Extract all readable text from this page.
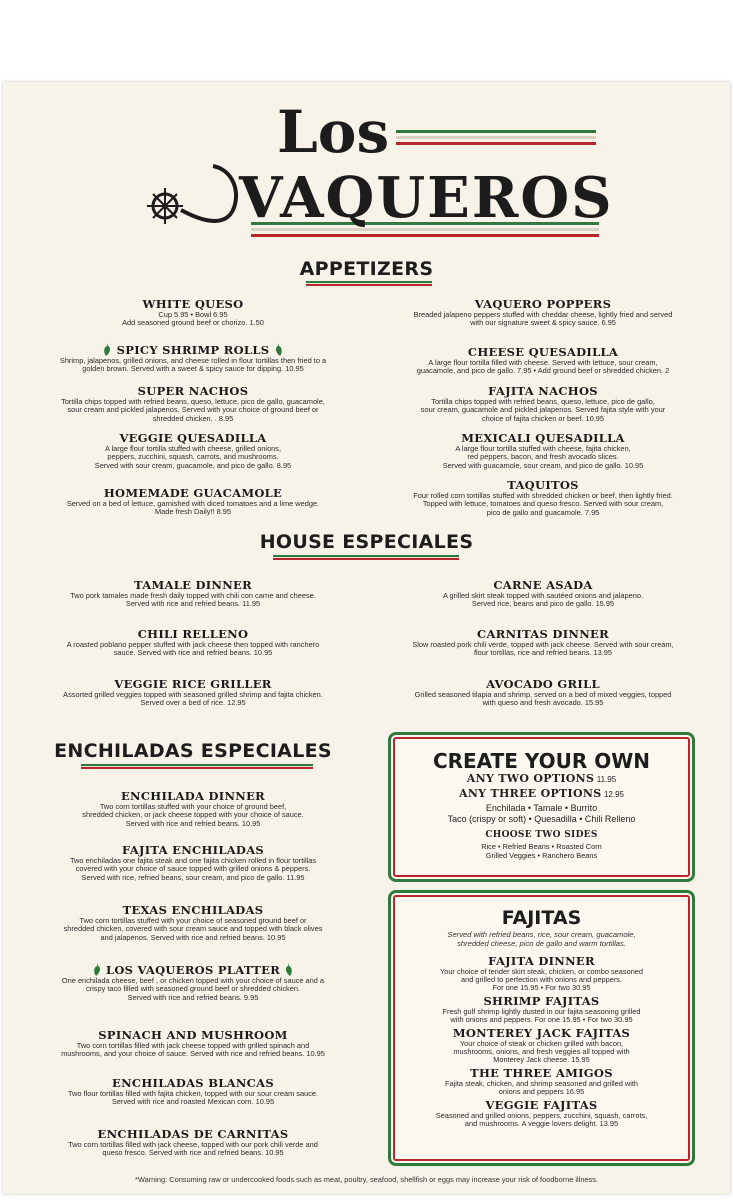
Los
VAQUEROS
APPETIZERS
WHITE QUESO
Cup 5.95 • Bowl 6.95
Add seasoned ground beef or chorizo. 1.50
SPICY SHRIMP ROLLS
Shrimp, jalapenos, grilled onions, and cheese rolled in flour tortillas then fried to a
golden brown. Served with a sweet & spicy sauce for dipping. 10.95
SUPER NACHOS
Tortilla chips topped with refried beans, queso, lettuce, pico de gallo, guacamole,
sour cream and pickled jalapenos. Served with your choice of ground beef or
shredded chicken. . 8.95
VEGGIE QUESADILLA
A large flour tortilla stuffed with cheese, grilled onions,
peppers, zucchini, squash, carrots, and mushrooms.
Served with sour cream, guacamole, and pico de gallo. 8.95
HOMEMADE GUACAMOLE
Served on a bed of lettuce, garnished with diced tomatoes and a lime wedge.
Made fresh Daily!! 8.95
VAQUERO POPPERS
Breaded jalapeno peppers stuffed with cheddar cheese, lightly fried and served
with our signature sweet & spicy sauce. 6.95
CHEESE QUESADILLA
A large flour tortilla filled with cheese. Served with lettuce, sour cream,
guacamole, and pico de gallo. 7.95 • Add ground beef or shredded chicken. 2
FAJITA NACHOS
Tortilla chips topped with refried beans, queso, lettuce, pico de gallo,
sour cream, guacamole and pickled jalapenos. Served fajita style with your
choice of fajita chicken or beef. 10.95
MEXICALI QUESADILLA
A large flour tortilla stuffed with cheese, fajita chicken,
red peppers, bacon, and fresh avocado slices.
Served with guacamole, sour cream, and pico de gallo. 10.95
TAQUITOS
Four rolled corn tortillas stuffed with shredded chicken or beef, then lightly fried.
Topped with lettuce, tomatoes and queso fresco. Served with sour cream,
pico de gallo and guacamole. 7.95
HOUSE ESPECIALES
TAMALE DINNER
Two pork tamales made fresh daily topped with chili con carne and cheese.
Served with rice and refried beans. 11.95
CHILI RELLENO
A roasted poblano pepper stuffed with jack cheese then topped with ranchero
sauce. Served with rice and refried beans. 10.95
VEGGIE RICE GRILLER
Assorted grilled veggies topped with seasoned grilled shrimp and fajita chicken.
Served over a bed of rice. 12.95
CARNE ASADA
A grilled skirt steak topped with sautéed onions and jalapeno.
Served rice, beans and pico de gallo. 15.95
CARNITAS DINNER
Slow roasted pork chili verde, topped with jack cheese. Served with sour cream,
flour tortillas, rice and refried beans. 13.95
AVOCADO GRILL
Grilled seasoned tilapia and shrimp, served on a bed of mixed veggies, topped
with queso and fresh avocado. 15.95
ENCHILADAS ESPECIALES
ENCHILADA DINNER
Two corn tortillas stuffed with your choice of ground beef,
shredded chicken, or jack cheese topped with your choice of sauce.
Served with rice and refried beans. 10.95
FAJITA ENCHILADAS
Two enchiladas one fajita steak and one fajita chicken rolled in flour tortillas
covered with your choice of sauce topped with grilled onions & peppers.
Served with rice, refried beans, sour cream, and pico de gallo. 11.95
TEXAS ENCHILADAS
Two corn tortillas stuffed with your choice of seasoned ground beef or
shredded chicken, covered with sour cream sauce and topped with black olives
and jalapenos. Served with rice and refried beans. 10.95
LOS VAQUEROS PLATTER
One enchilada cheese, beef , or chicken topped with your choice of sauce and a
crispy taco filled with seasoned ground beef or shredded chicken.
Served with rice and refried beans. 9.95
SPINACH AND MUSHROOM
Two corn tortillas filled with jack cheese topped with grilled spinach and
mushrooms, and your choice of sauce. Served with rice and refried beans. 10.95
ENCHILADAS BLANCAS
Two flour tortillas filled with fajita chicken, topped with our sour cream sauce.
Served with rice and roasted Mexican corn. 10.95
ENCHILADAS DE CARNITAS
Two corn tortillas filled with jack cheese, topped with our pork chili verde and
queso fresco. Served with rice and refried beans. 10.95
CREATE YOUR OWN
ANY TWO OPTIONS 11.95
ANY THREE OPTIONS 12.95
Enchilada • Tamale • Burrito
Taco (crispy or soft) • Quesadilla • Chili Relleno
CHOOSE TWO SIDES
Rice • Refried Beans • Roasted Corn
Grilled Veggies • Ranchero Beans
FAJITAS
Served with refried beans, rice, sour cream, guacamole,
shredded cheese, pico de gallo and warm tortillas.
FAJITA DINNER
Your choice of tender skirt steak, chicken, or combo seasoned
and grilled to perfection with onions and peppers.
For one 15.95 • For two 30.95
SHRIMP FAJITAS
Fresh gulf shrimp lightly dusted in our fajita seasoning grilled
with onions and peppers. For one 15.95 • For two 30.95
MONTEREY JACK FAJITAS
Your choice of steak or chicken grilled with bacon,
mushrooms, onions, and fresh veggies all topped with
Monterey Jack cheese. 15.95
THE THREE AMIGOS
Fajita steak, chicken, and shrimp seasoned and grilled with
onions and peppers 16.95
VEGGIE FAJITAS
Seasoned and grilled onions, peppers, zucchini, squash, carrots,
and mushrooms. A veggie lovers delight. 13.95
*Warning: Consuming raw or undercooked foods such as meat, poultry, seafood, shellfish or eggs may increase your risk of foodborne illness.
